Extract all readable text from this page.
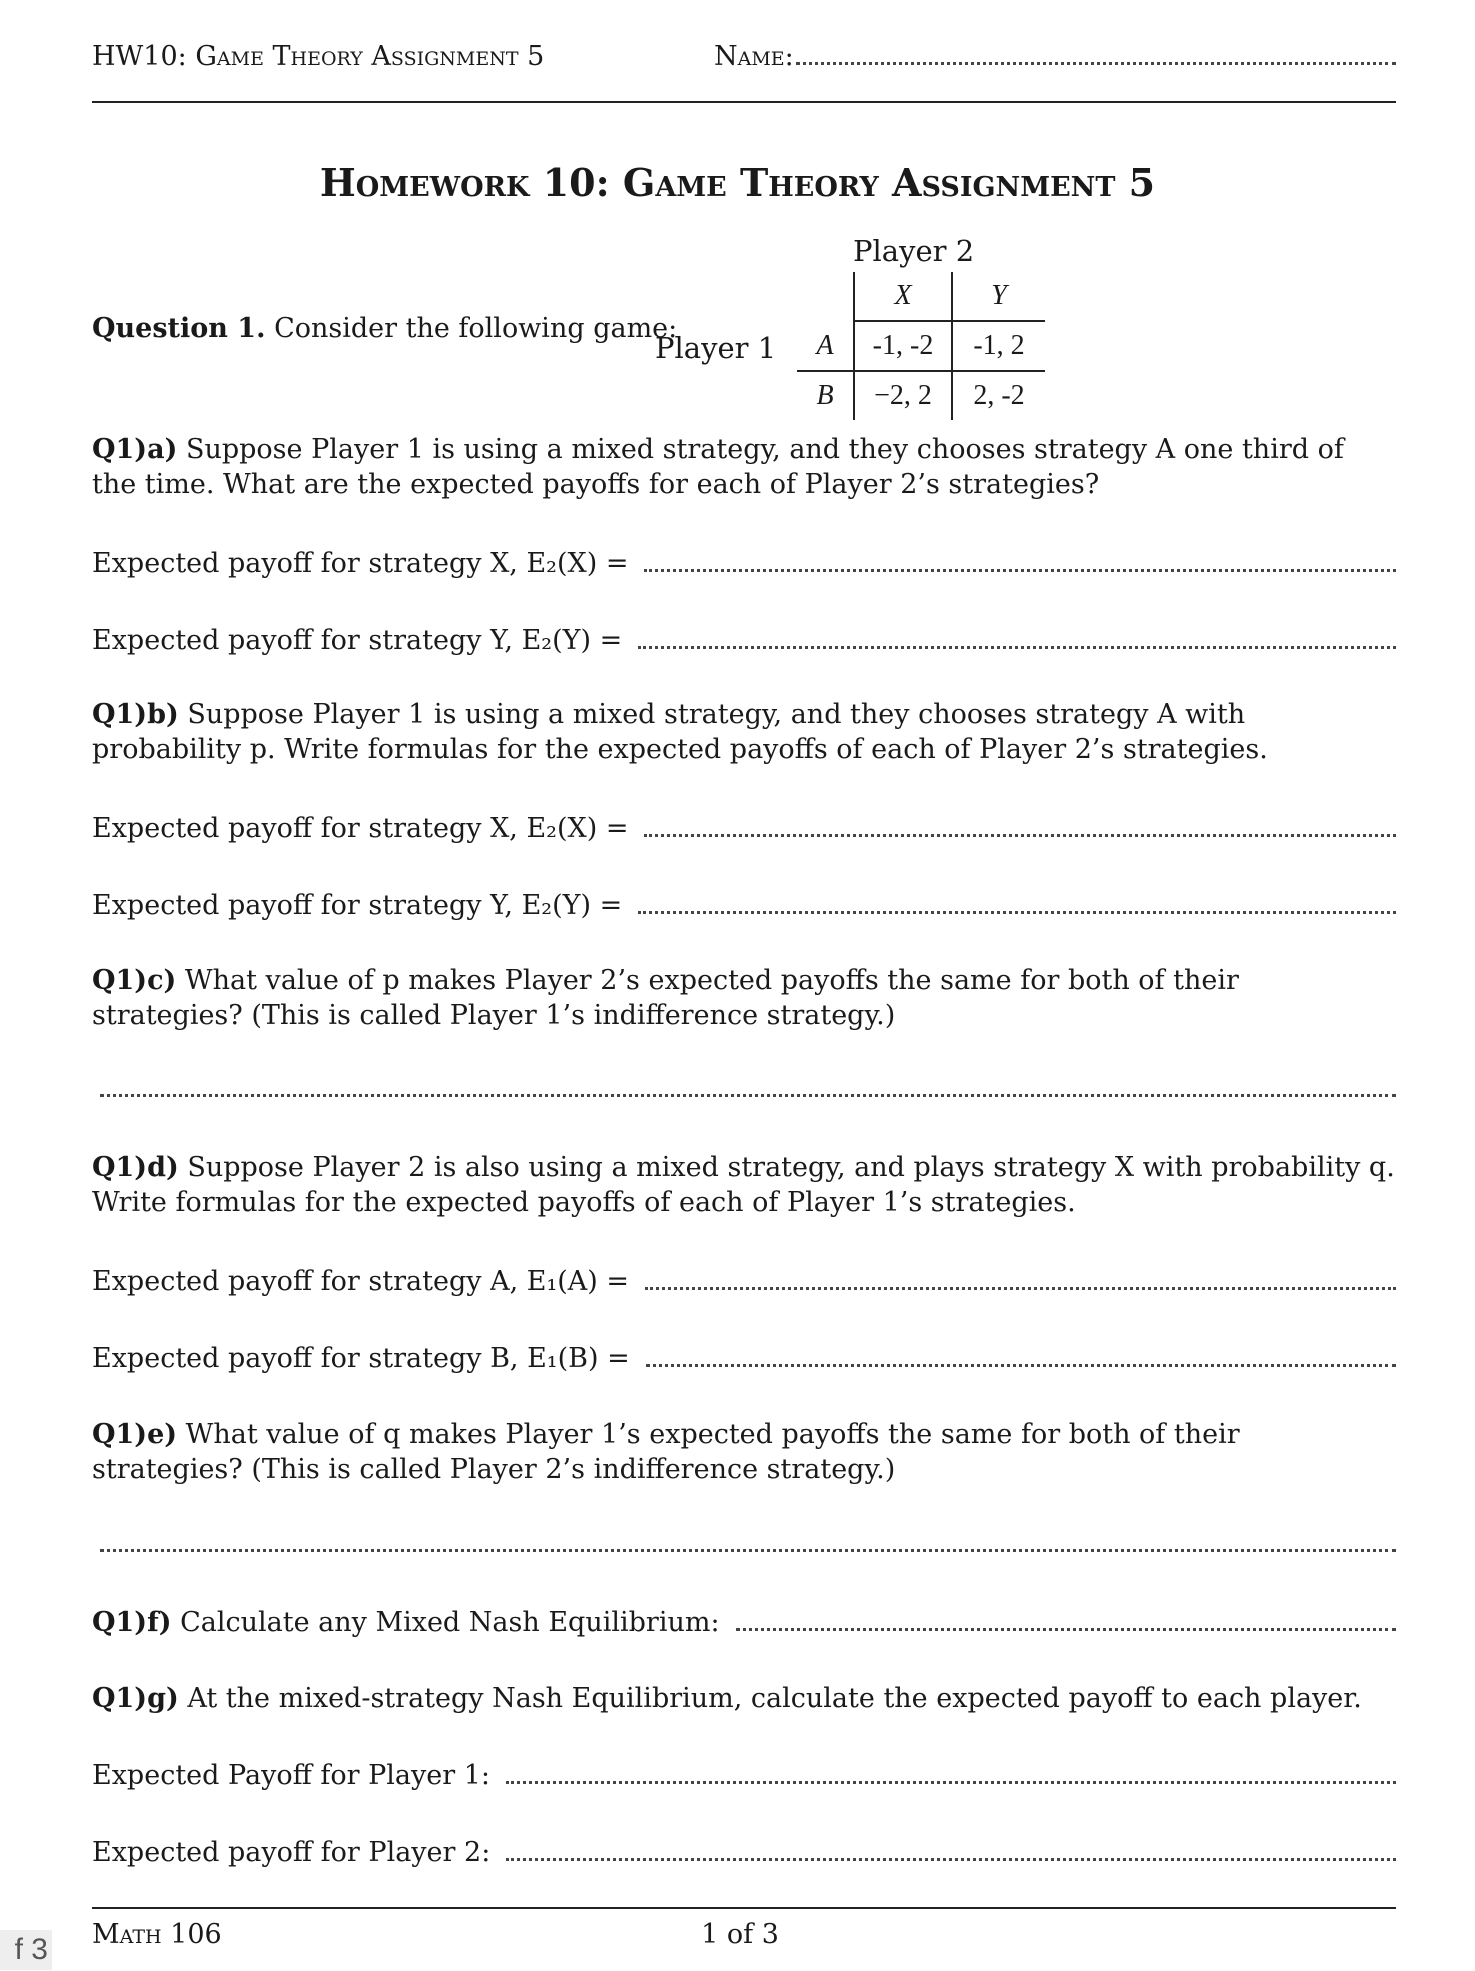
HW10: Game Theory Assignment 5	Name:
Homework 10: Game Theory Assignment 5
Question 1. Consider the following game:
Player 2
Player 1
	X	Y
A	-1, -2	-1, 2
B	−2, 2	2, -2
Q1)a) Suppose Player 1 is using a mixed strategy, and they chooses strategy A one third of the time. What are the expected payoffs for each of Player 2’s strategies?
Expected payoff for strategy X, E₂(X) =
Expected payoff for strategy Y, E₂(Y) =
Q1)b) Suppose Player 1 is using a mixed strategy, and they chooses strategy A with probability p. Write formulas for the expected payoffs of each of Player 2’s strategies.
Expected payoff for strategy X, E₂(X) =
Expected payoff for strategy Y, E₂(Y) =
Q1)c) What value of p makes Player 2’s expected payoffs the same for both of their strategies? (This is called Player 1’s indifference strategy.)
Q1)d) Suppose Player 2 is also using a mixed strategy, and plays strategy X with probability q. Write formulas for the expected payoffs of each of Player 1’s strategies.
Expected payoff for strategy A, E₁(A) =
Expected payoff for strategy B, E₁(B) =
Q1)e) What value of q makes Player 1’s expected payoffs the same for both of their strategies? (This is called Player 2’s indifference strategy.)
Q1)f) Calculate any Mixed Nash Equilibrium:
Q1)g) At the mixed-strategy Nash Equilibrium, calculate the expected payoff to each player.
Expected Payoff for Player 1:
Expected payoff for Player 2:
Math 106	1 of 3
f 3
